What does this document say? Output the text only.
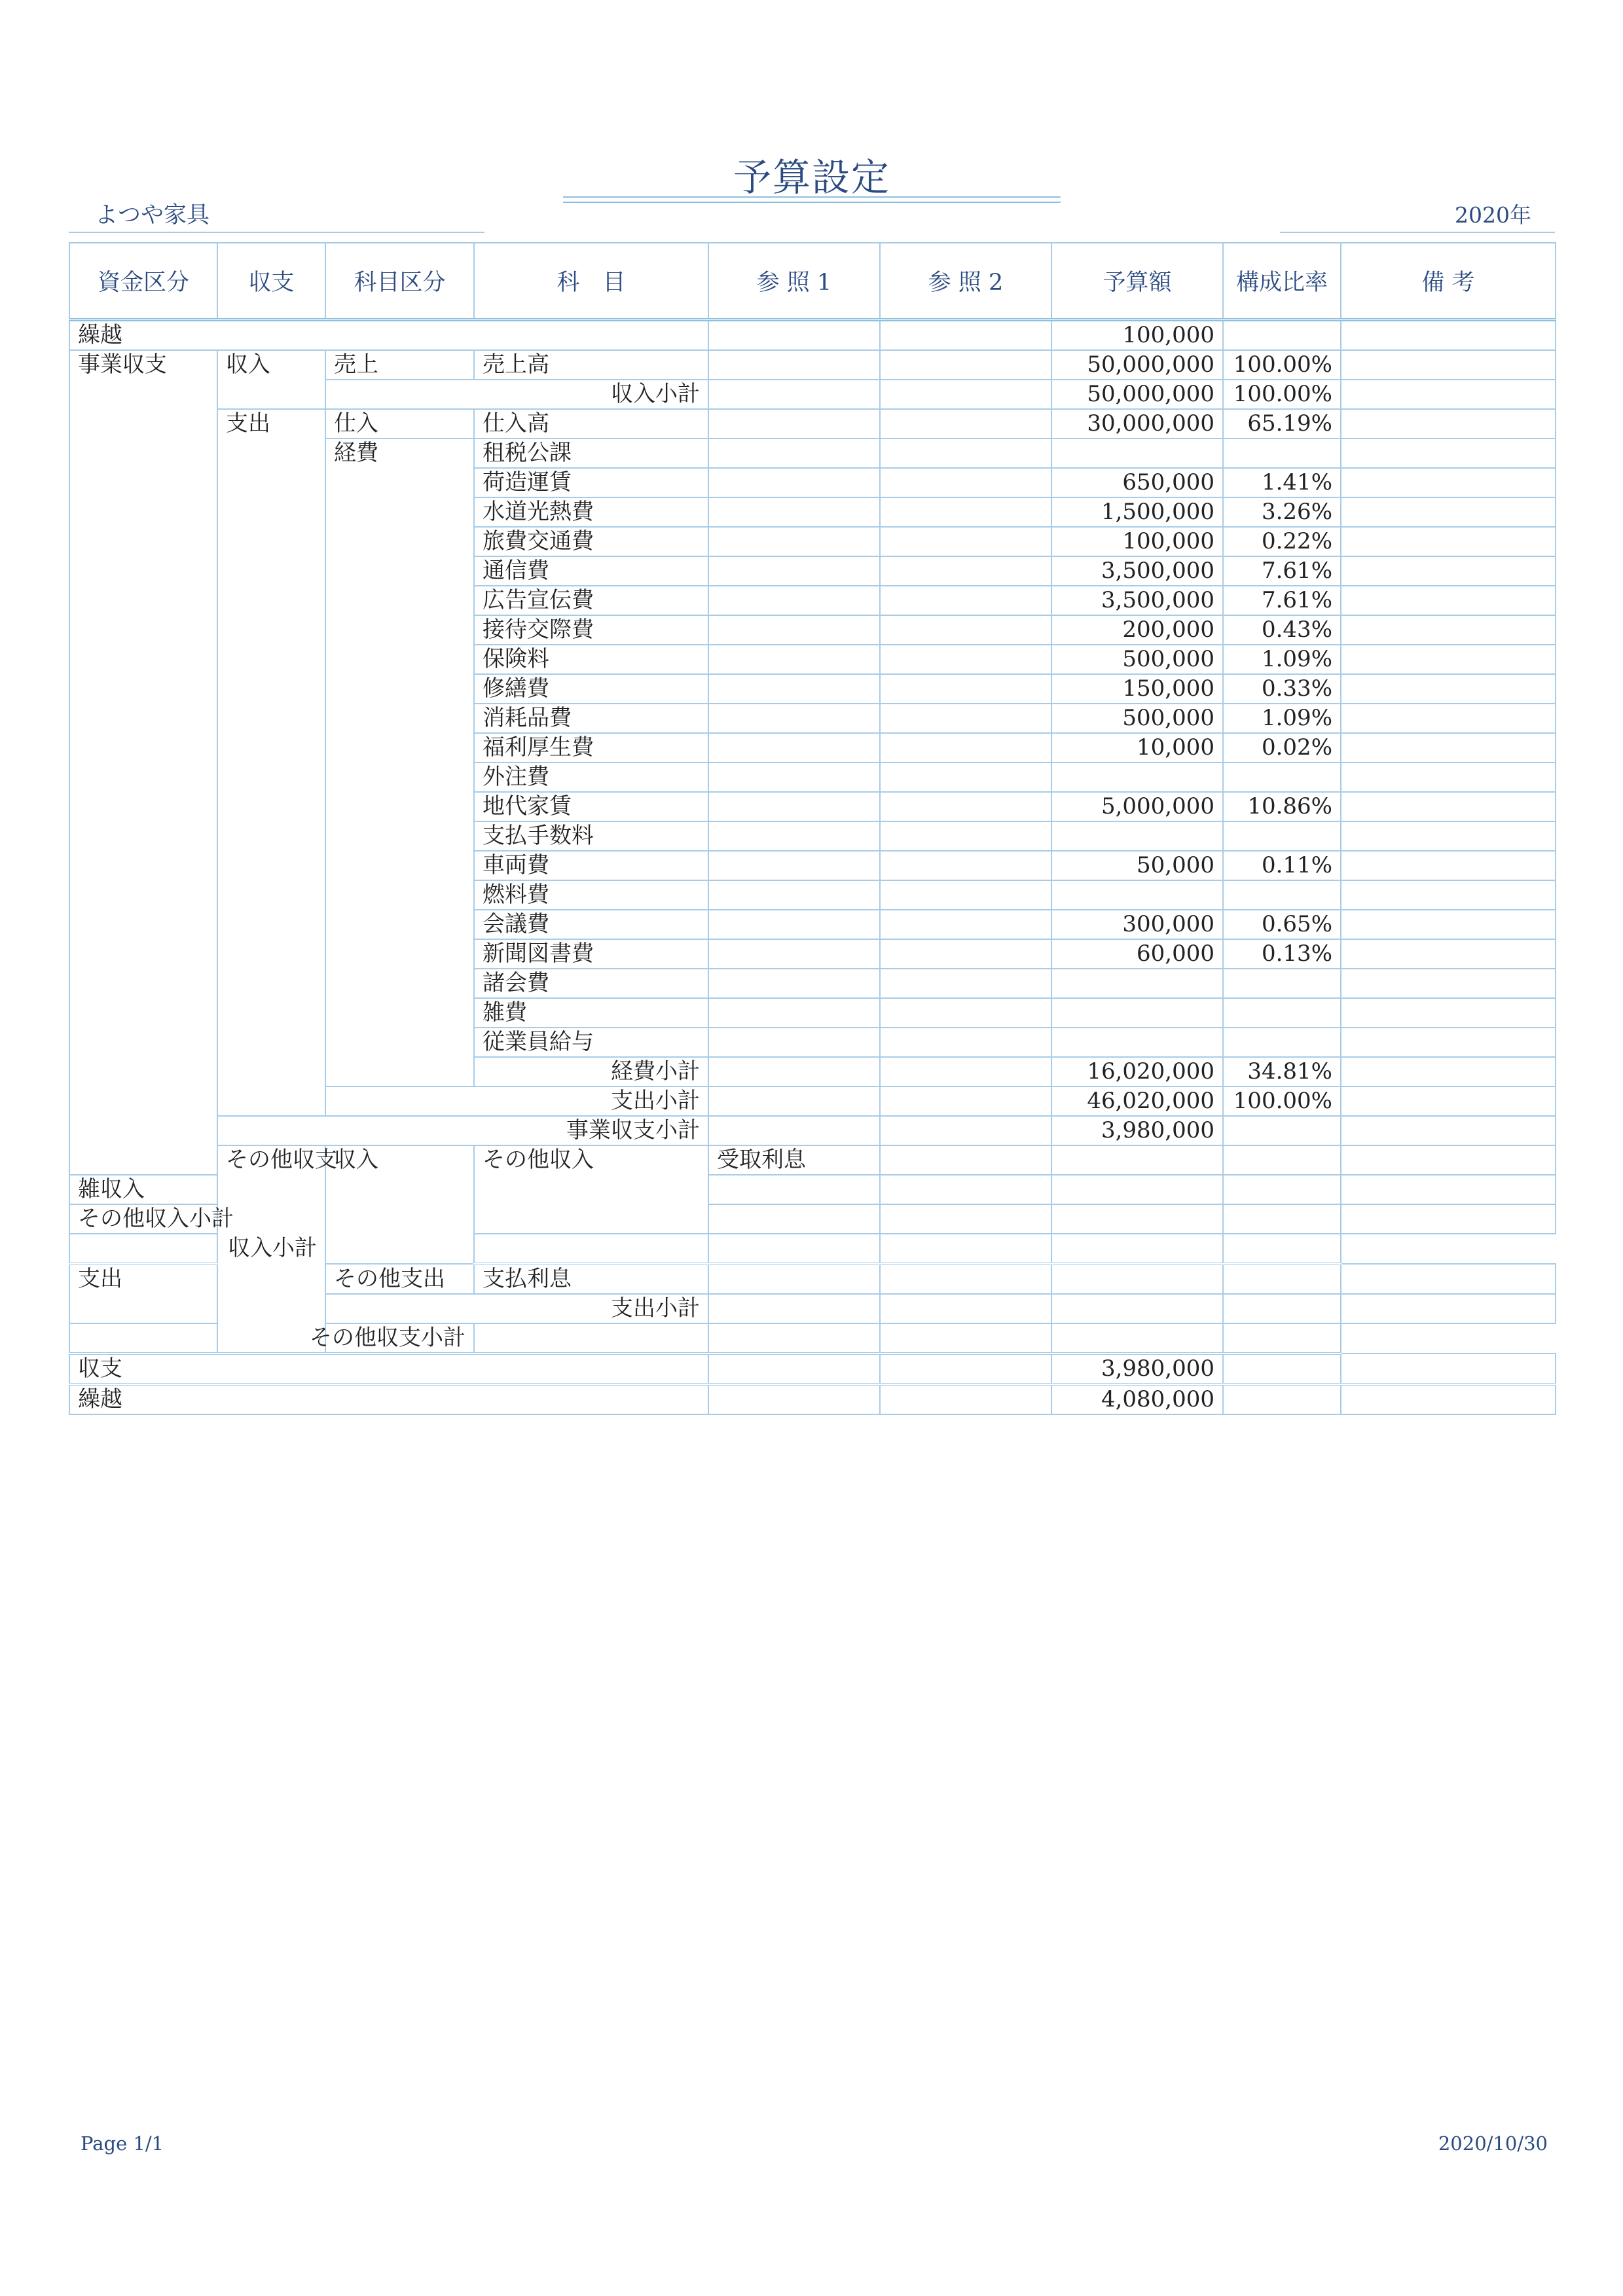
予算設定
よつや家具	2020年
資金区分	収支	科目区分	科　目	参 照 1	参 照 2	予算額	構成比率	備 考	
繰越						100,000			
事業収支	収入	売上	売上高			50,000,000	100.00%		
		収入小計				50,000,000	100.00%		
	支出	仕入	仕入高			30,000,000	65.19%		
		経費	租税公課						
			荷造運賃			650,000	1.41%		
			水道光熱費			1,500,000	3.26%		
			旅費交通費			100,000	0.22%		
			通信費			3,500,000	7.61%		
			広告宣伝費			3,500,000	7.61%		
			接待交際費			200,000	0.43%		
			保険料			500,000	1.09%		
			修繕費			150,000	0.33%		
			消耗品費			500,000	1.09%		
			福利厚生費			10,000	0.02%		
			外注費						
			地代家賃			5,000,000	10.86%		
			支払手数料						
			車両費			50,000	0.11%		
			燃料費						
			会議費			300,000	0.65%		
			新聞図書費			60,000	0.13%		
			諸会費						
			雑費						
			従業員給与						
			経費小計			16,020,000	34.81%		
		支出小計				46,020,000	100.00%		
	事業収支小計					3,980,000			
	その他収支	収入	その他収入	受取利息					
雑収入									
その他収入小計									
収入小計									
支出		その他支出	支払利息						
		支出小計							
その他収支小計									
収支						3,980,000			
繰越						4,080,000			
Page 1/1	2020/10/30
